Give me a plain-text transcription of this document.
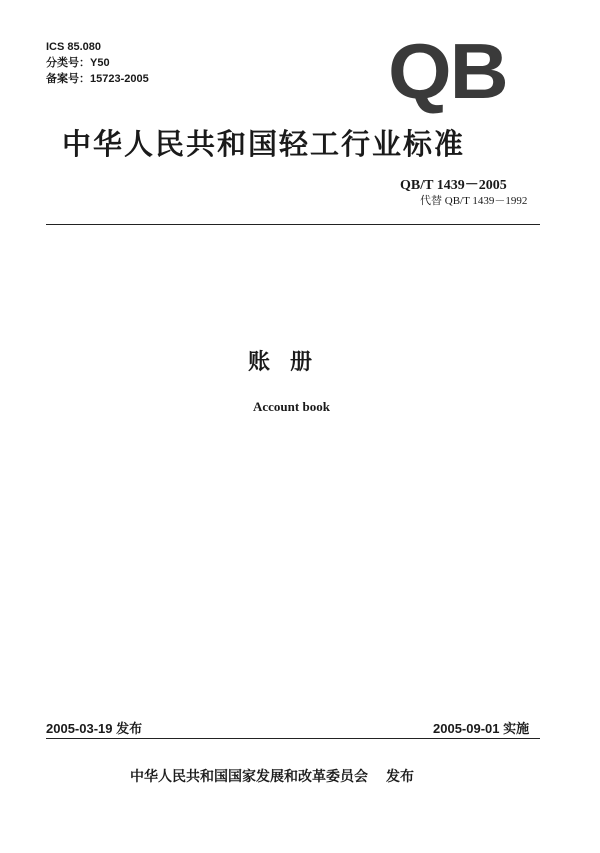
ICS 85.080
分类号：Y50
备案号：15723-2005	QB
中华人民共和国轻工行业标准
QB/T 1439－2005
代替 QB/T 1439－1992
账册
Account book
2005-03-19 发布	2005-09-01 实施
中华人民共和国国家发展和改革委员会 发布
